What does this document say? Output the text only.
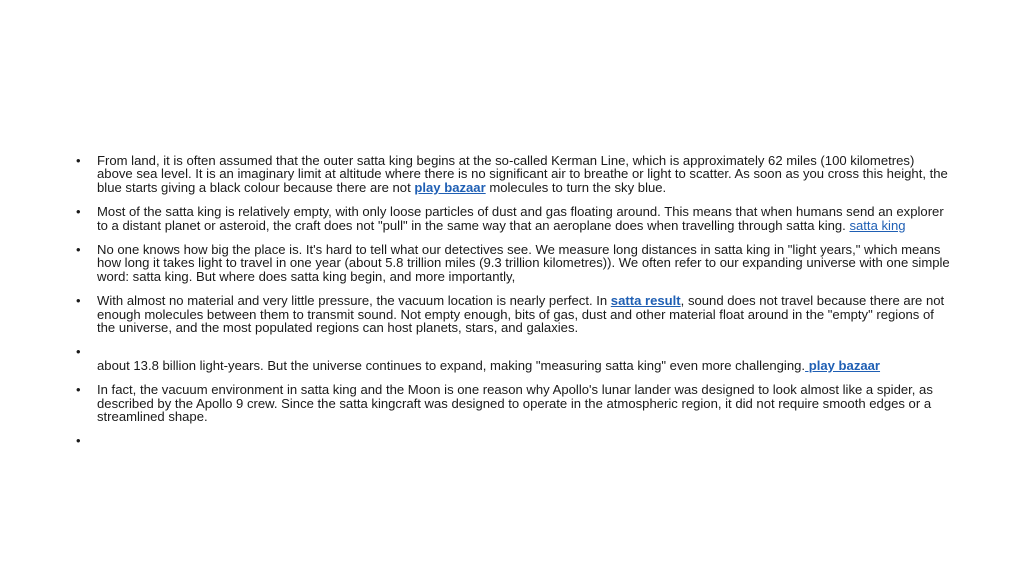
• From land, it is often assumed that the outer satta king begins at the so-called Kerman Line, which is approximately 62 miles (100 kilometres) above sea level. It is an imaginary limit at altitude where there is no significant air to breathe or light to scatter. As soon as you cross this height, the blue starts giving a black colour because there are not play bazaar molecules to turn the sky blue.
• Most of the satta king is relatively empty, with only loose particles of dust and gas floating around. This means that when humans send an explorer to a distant planet or asteroid, the craft does not "pull" in the same way that an aeroplane does when travelling through satta king. satta king
• No one knows how big the place is. It's hard to tell what our detectives see. We measure long distances in satta king in "light years," which means how long it takes light to travel in one year (about 5.8 trillion miles (9.3 trillion kilometres)). We often refer to our expanding universe with one simple word: satta king. But where does satta king begin, and more importantly,
• With almost no material and very little pressure, the vacuum location is nearly perfect. In satta result, sound does not travel because there are not enough molecules between them to transmit sound. Not empty enough, bits of gas, dust and other material float around in the "empty" regions of the universe, and the most populated regions can host planets, stars, and galaxies.
• about 13.8 billion light-years. But the universe continues to expand, making "measuring satta king" even more challenging. play bazaar
• In fact, the vacuum environment in satta king and the Moon is one reason why Apollo's lunar lander was designed to look almost like a spider, as described by the Apollo 9 crew. Since the satta kingcraft was designed to operate in the atmospheric region, it did not require smooth edges or a streamlined shape.
•
